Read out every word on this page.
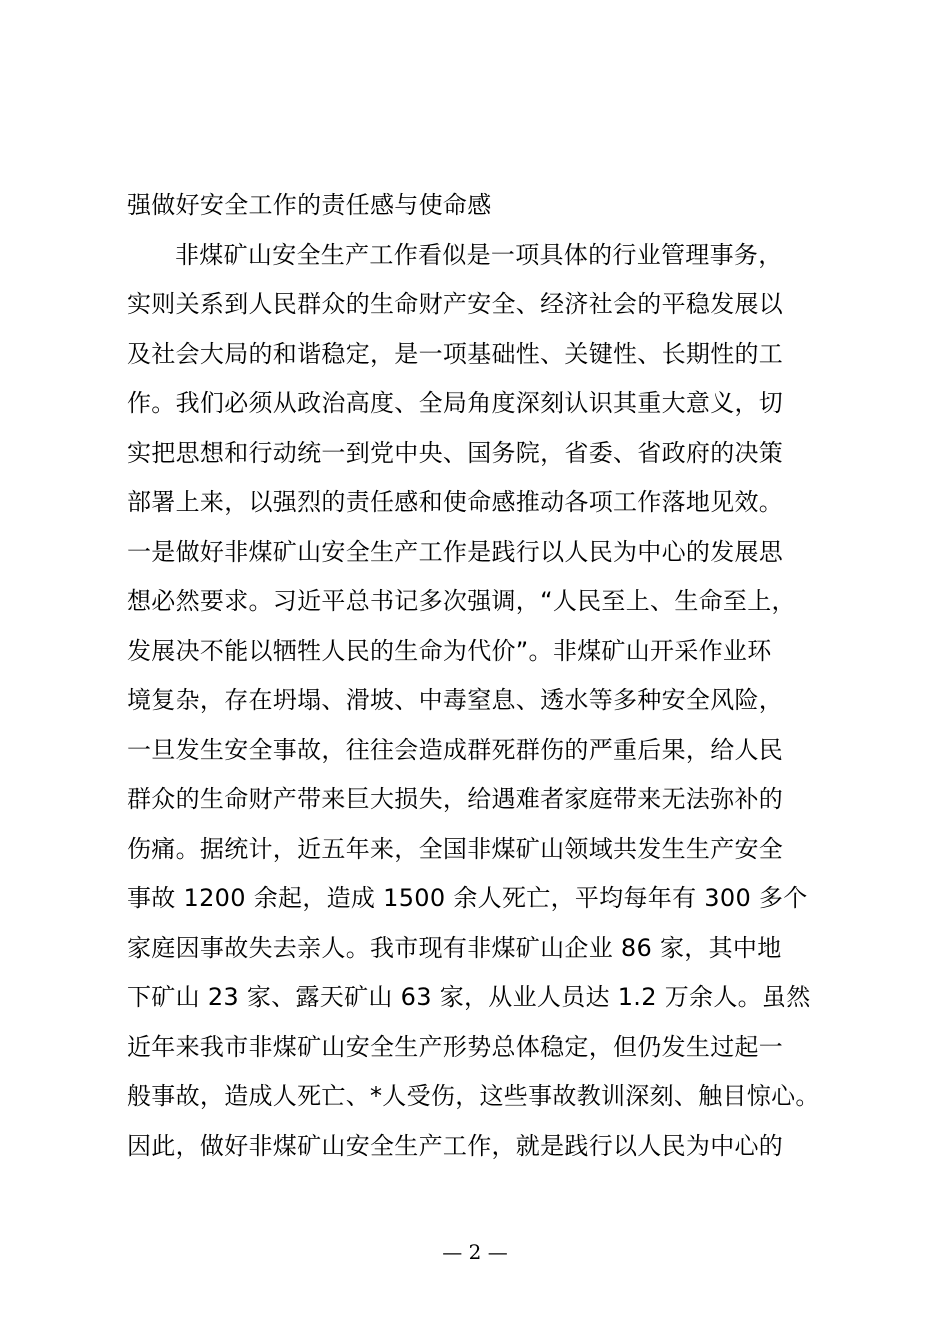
强做好安全工作的责任感与使命感
非煤矿山安全生产工作看似是一项具体的行业管理事务，
实则关系到人民群众的生命财产安全、经济社会的平稳发展以
及社会大局的和谐稳定，是一项基础性、关键性、长期性的工
作。我们必须从政治高度、全局角度深刻认识其重大意义，切
实把思想和行动统一到党中央、国务院，省委、省政府的决策
部署上来，以强烈的责任感和使命感推动各项工作落地见效。
一是做好非煤矿山安全生产工作是践行以人民为中心的发展思
想必然要求。习近平总书记多次强调，“人民至上、生命至上，
发展决不能以牺牲人民的生命为代价”。非煤矿山开采作业环
境复杂，存在坍塌、滑坡、中毒窒息、透水等多种安全风险，
一旦发生安全事故，往往会造成群死群伤的严重后果，给人民
群众的生命财产带来巨大损失，给遇难者家庭带来无法弥补的
伤痛。据统计，近五年来，全国非煤矿山领域共发生生产安全
事故 1200 余起，造成 1500 余人死亡，平均每年有 300 多个
家庭因事故失去亲人。我市现有非煤矿山企业 86 家，其中地
下矿山 23 家、露天矿山 63 家，从业人员达 1.2 万余人。虽然
近年来我市非煤矿山安全生产形势总体稳定，但仍发生过起一
般事故，造成人死亡、*人受伤，这些事故教训深刻、触目惊心。
因此，做好非煤矿山安全生产工作，就是践行以人民为中心的
— 2 —
